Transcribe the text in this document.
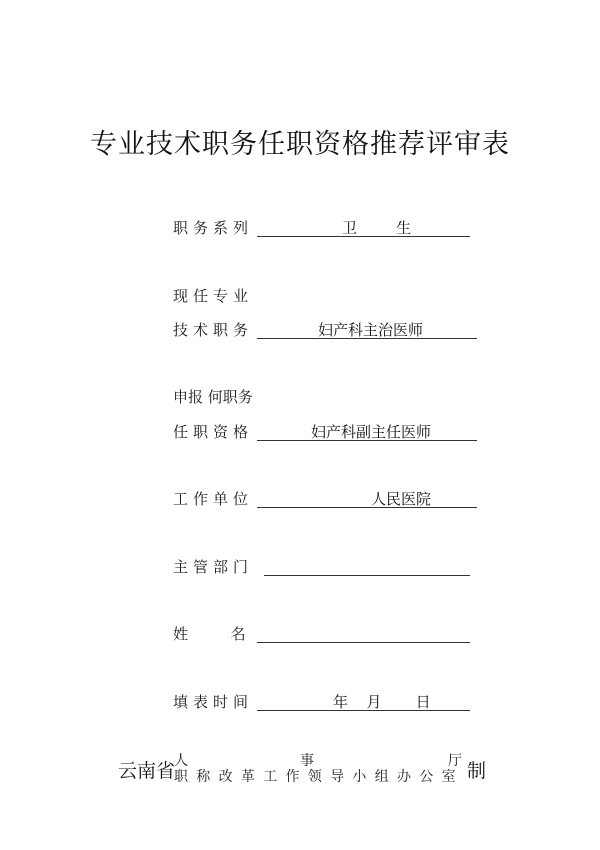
专业技术职务任职资格推荐评审表
职务系列	卫    生
现任专业
技术职务	妇产科主治医师
申报 何职务
任职资格	妇产科副主任医师
工作单位	人民医院
主管部门
姓      名
填表时间	年  月    日
云南省
人	事	厅
职称改革工作领导小组办公室 制
